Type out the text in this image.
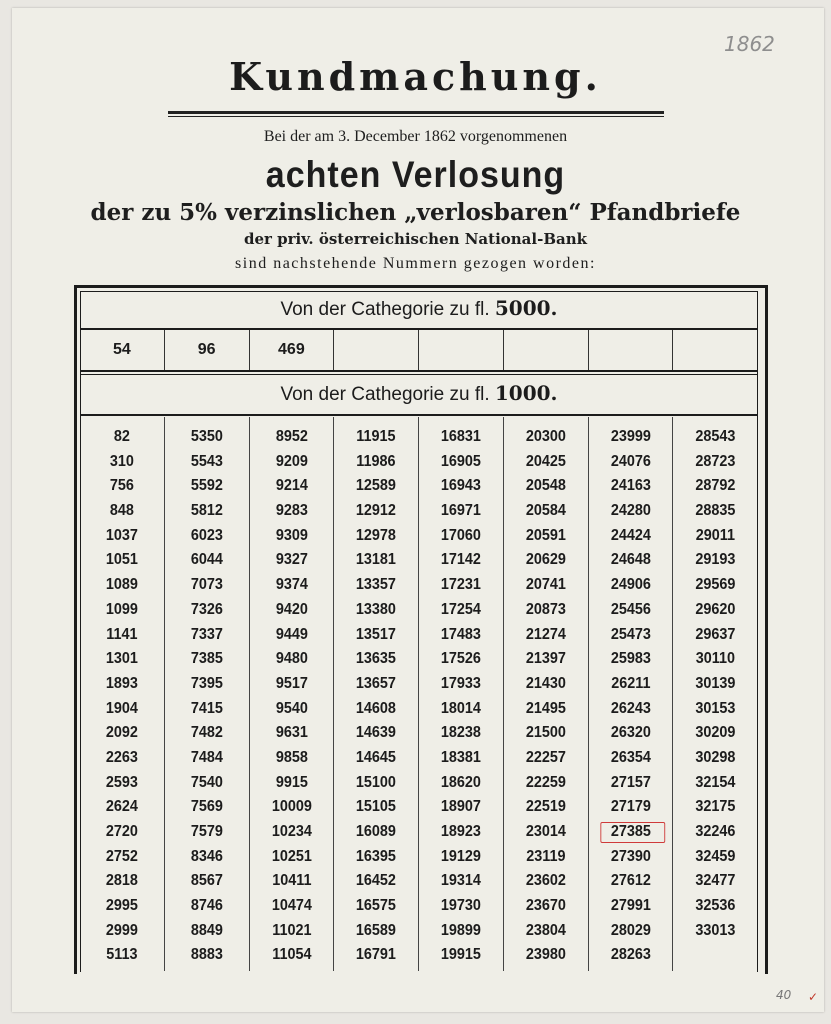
1862
40 ✓
Kundmachung.
Bei der am 3. December 1862 vorgenommenen
achten Verlosung
der zu 5% verzinslichen „verlosbaren“ Pfandbriefe
der priv. österreichischen National-Bank
sind nachstehende Nummern gezogen worden:
Von der Cathegorie zu fl. 5000.
54	96	469
Von der Cathegorie zu fl. 1000.
82
310
756
848
1037
1051
1089
1099
1141
1301
1893
1904
2092
2263
2593
2624
2720
2752
2818
2995
2999
5113
5350
5543
5592
5812
6023
6044
7073
7326
7337
7385
7395
7415
7482
7484
7540
7569
7579
8346
8567
8746
8849
8883
8952
9209
9214
9283
9309
9327
9374
9420
9449
9480
9517
9540
9631
9858
9915
10009
10234
10251
10411
10474
11021
11054
11915
11986
12589
12912
12978
13181
13357
13380
13517
13635
13657
14608
14639
14645
15100
15105
16089
16395
16452
16575
16589
16791
16831
16905
16943
16971
17060
17142
17231
17254
17483
17526
17933
18014
18238
18381
18620
18907
18923
19129
19314
19730
19899
19915
20300
20425
20548
20584
20591
20629
20741
20873
21274
21397
21430
21495
21500
22257
22259
22519
23014
23119
23602
23670
23804
23980
23999
24076
24163
24280
24424
24648
24906
25456
25473
25983
26211
26243
26320
26354
27157
27179
27385
27390
27612
27991
28029
28263
28543
28723
28792
28835
29011
29193
29569
29620
29637
30110
30139
30153
30209
30298
32154
32175
32246
32459
32477
32536
33013
